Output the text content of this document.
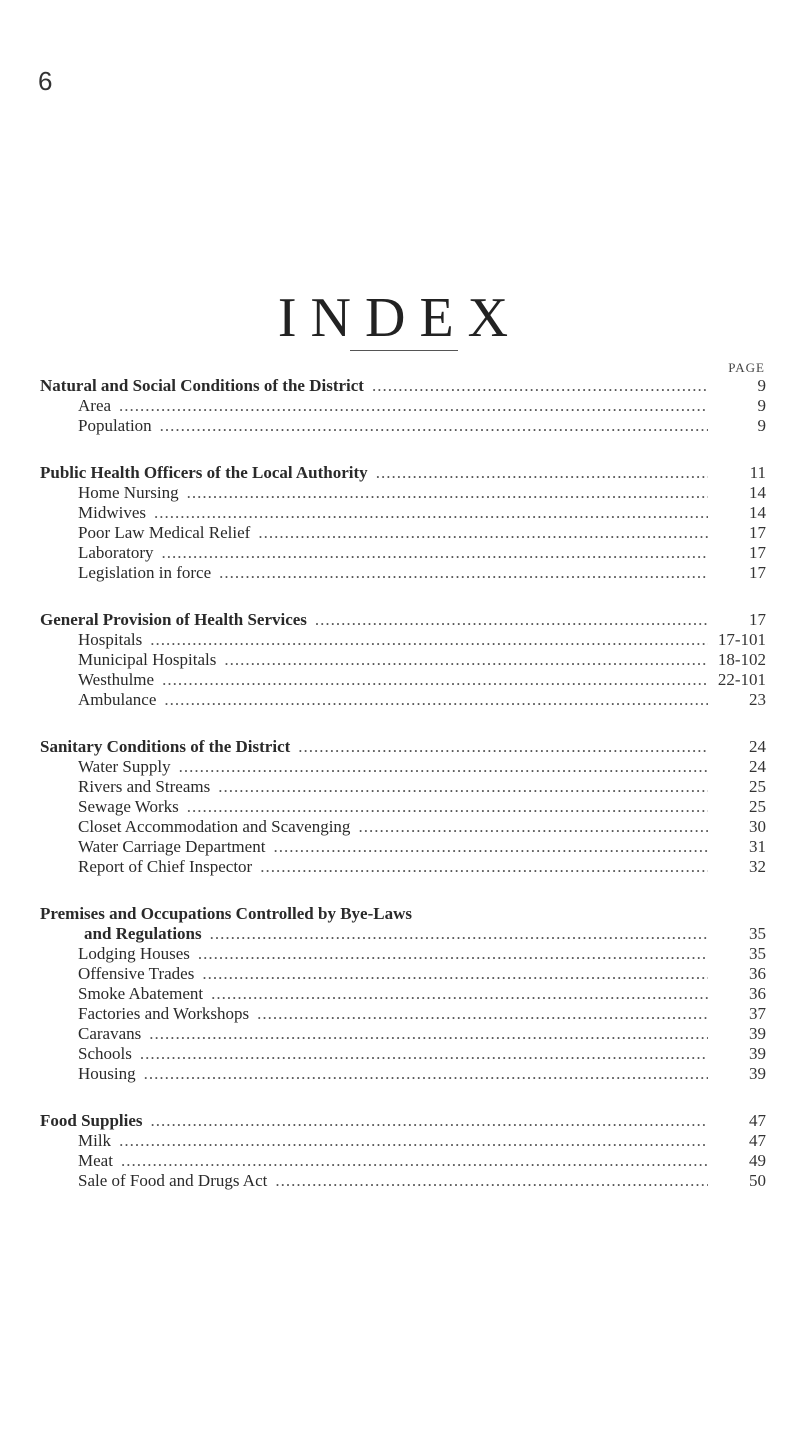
6
INDEX
PAGE
Natural and Social Conditions of the District .....	9
Area .....	9
Population .....	9
Public Health Officers of the Local Authority .....	11
Home Nursing .....	14
Midwives .....	14
Poor Law Medical Relief .....	17
Laboratory .....	17
Legislation in force .....	17
General Provision of Health Services .....	17
Hospitals .....	17-101
Municipal Hospitals .....	18-102
Westhulme .....	22-101
Ambulance .....	23
Sanitary Conditions of the District .....	24
Water Supply .....	24
Rivers and Streams .....	25
Sewage Works .....	25
Closet Accommodation and Scavenging .....	30
Water Carriage Department .....	31
Report of Chief Inspector .....	32
Premises and Occupations Controlled by Bye-Laws
and Regulations .....	35
Lodging Houses .....	35
Offensive Trades .....	36
Smoke Abatement .....	36
Factories and Workshops .....	37
Caravans .....	39
Schools .....	39
Housing .....	39
Food Supplies .....	47
Milk .....	47
Meat .....	49
Sale of Food and Drugs Act .....	50
